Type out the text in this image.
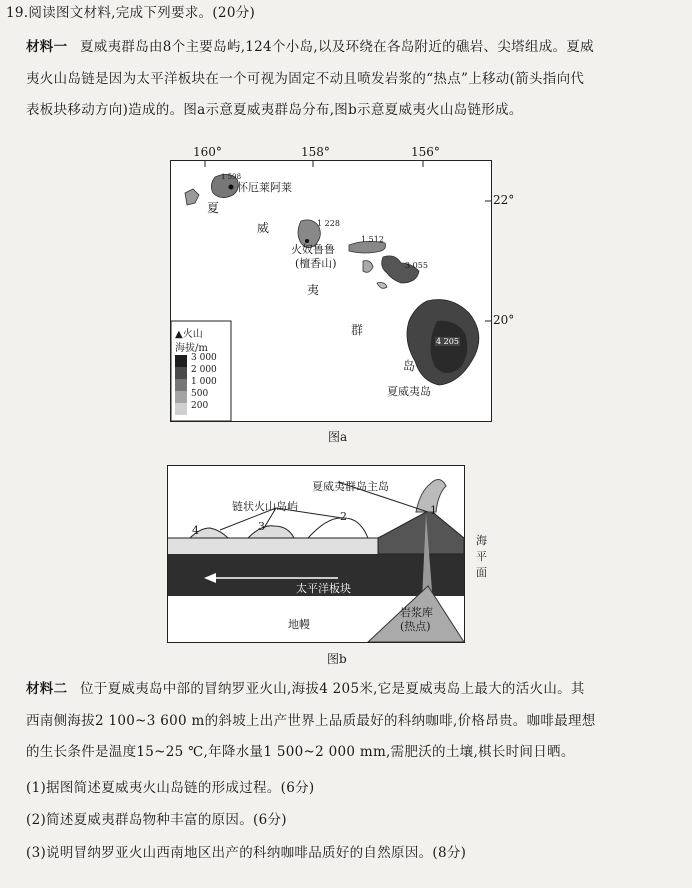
19.阅读图文材料,完成下列要求。(20分)
材料一 夏威夷群岛由8个主要岛屿,124个小岛,以及环绕在各岛附近的礁岩、尖塔组成。夏威
夷火山岛链是因为太平洋板块在一个可视为固定不动且喷发岩浆的“热点”上移动(箭头指向代
表板块移动方向)造成的。图a示意夏威夷群岛分布,图b示意夏威夷火山岛链形成。
160°	158°	156°
22°
20°
怀厄莱阿莱
1 598
火奴鲁鲁
(檀香山)
1 228
1 512
3 055
4 205
夏威夷岛
夏
威
夷
群
岛
▲火山
海拔/m
3 000
2 000
1 000
500
200
图a
夏威夷群岛主岛
链状火山岛屿
海平面
太平洋板块
地幔
岩浆库
(热点)
1
2
3
4
图b
材料二 位于夏威夷岛中部的冒纳罗亚火山,海拔4 205米,它是夏威夷岛上最大的活火山。其
西南侧海拔2 100~3 600 m的斜坡上出产世界上品质最好的科纳咖啡,价格昂贵。咖啡最理想
的生长条件是温度15~25 ℃,年降水量1 500~2 000 mm,需肥沃的土壤,棋长时间日晒。
(1)据图简述夏威夷火山岛链的形成过程。(6分)
(2)简述夏威夷群岛物种丰富的原因。(6分)
(3)说明冒纳罗亚火山西南地区出产的科纳咖啡品质好的自然原因。(8分)
